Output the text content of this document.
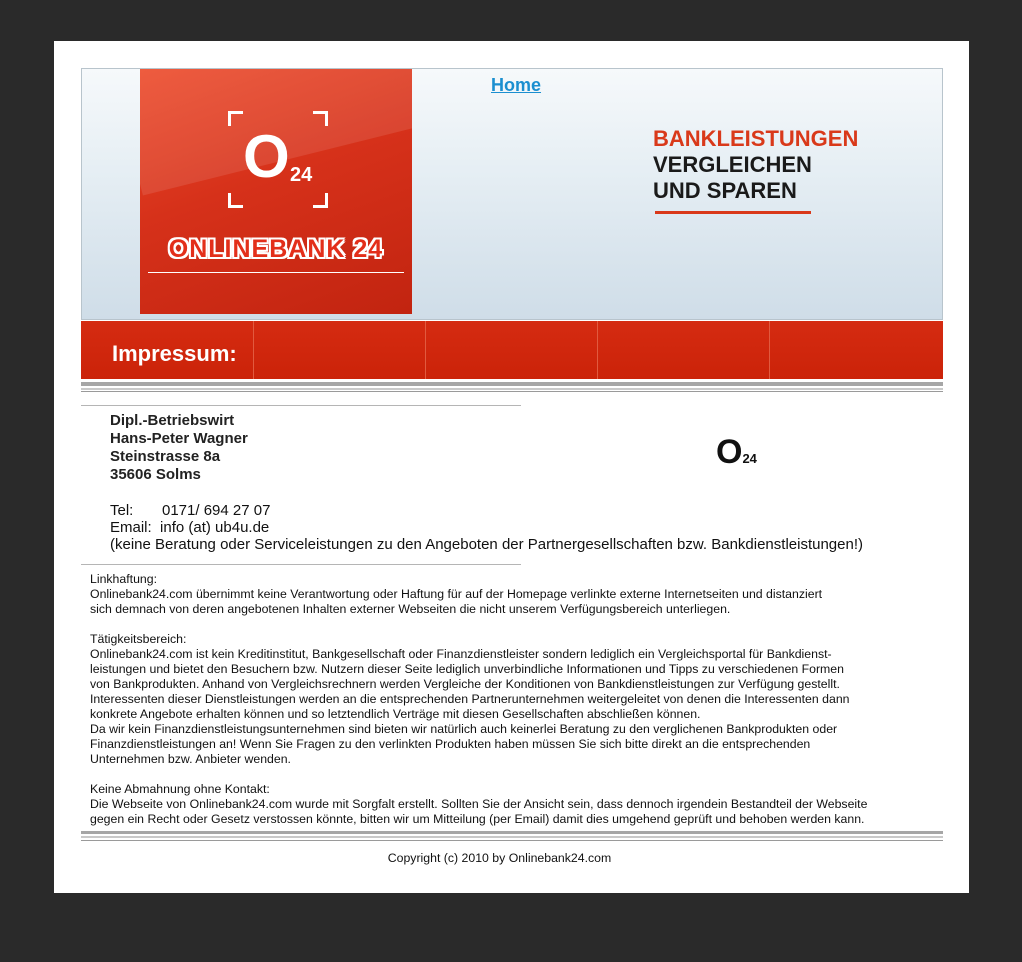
O 24
ONLINEBANK 24
Home
BANKLEISTUNGEN
VERGLEICHEN
UND SPAREN
Impressum:
Dipl.-Betriebswirt
Hans-Peter Wagner
Steinstrasse 8a
35606 Solms
O24
Tel: 0171/ 694 27 07
Email: info (at) ub4u.de
(keine Beratung oder Serviceleistungen zu den Angeboten der Partnergesellschaften bzw. Bankdienstleistungen!)

Linkhaftung:
Onlinebank24.com übernimmt keine Verantwortung oder Haftung für auf der Homepage verlinkte externe Internetseiten und distanziert
sich demnach von deren angebotenen Inhalten externer Webseiten die nicht unserem Verfügungsbereich unterliegen.

Tätigkeitsbereich:
Onlinebank24.com ist kein Kreditinstitut, Bankgesellschaft oder Finanzdienstleister sondern lediglich ein Vergleichsportal für Bankdienst-
leistungen und bietet den Besuchern bzw. Nutzern dieser Seite lediglich unverbindliche Informationen und Tipps zu verschiedenen Formen
von Bankprodukten. Anhand von Vergleichsrechnern werden Vergleiche der Konditionen von Bankdienstleistungen zur Verfügung gestellt.
Interessenten dieser Dienstleistungen werden an die entsprechenden Partnerunternehmen weitergeleitet von denen die Interessenten dann
konkrete Angebote erhalten können und so letztendlich Verträge mit diesen Gesellschaften abschließen können.
Da wir kein Finanzdienstleistungsunternehmen sind bieten wir natürlich auch keinerlei Beratung zu den verglichenen Bankprodukten oder
Finanzdienstleistungen an! Wenn Sie Fragen zu den verlinkten Produkten haben müssen Sie sich bitte direkt an die entsprechenden
Unternehmen bzw. Anbieter wenden.

Keine Abmahnung ohne Kontakt:
Die Webseite von Onlinebank24.com wurde mit Sorgfalt erstellt. Sollten Sie der Ansicht sein, dass dennoch irgendein Bestandteil der Webseite
gegen ein Recht oder Gesetz verstossen könnte, bitten wir um Mitteilung (per Email) damit dies umgehend geprüft und behoben werden kann.

Copyright (c) 2010 by Onlinebank24.com
